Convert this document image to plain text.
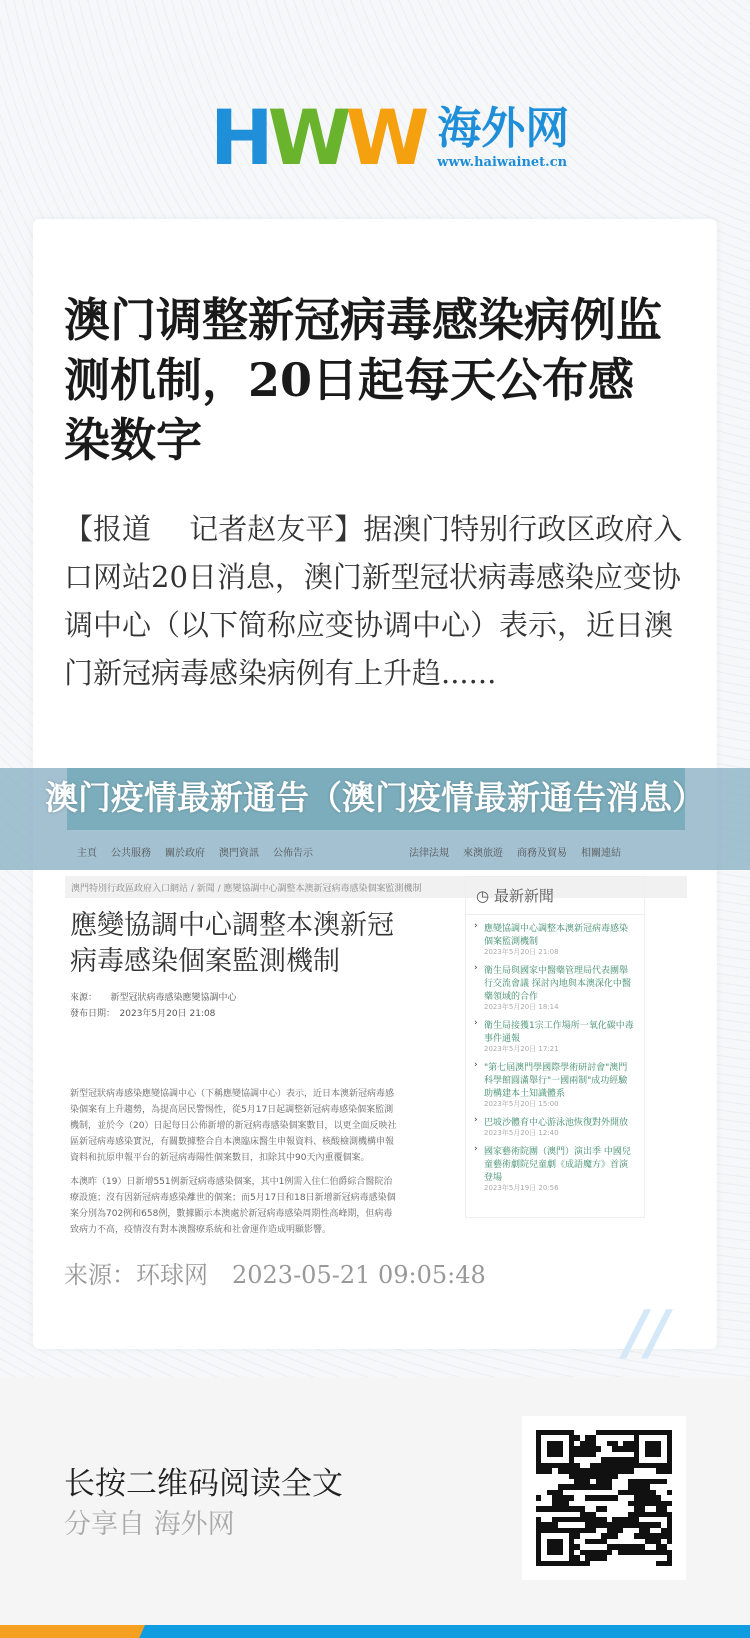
HWW 海外网
www.haiwainet.cn
澳门调整新冠病毒感染病例监测机制，20日起每天公布感染数字
【报道　 记者赵友平】据澳门特别行政区政府入口网站20日消息，澳门新型冠状病毒感染应变协调中心（以下简称应变协调中心）表示，近日澳门新冠病毒感染病例有上升趋......
主頁 公共服務 關於政府 澳門資訊 公佈告示	法律法規 來澳旅遊 商務及貿易 相關連結
澳門特別行政區政府入口網站 / 新聞 / 應變協調中心調整本澳新冠病毒感染個案監測機制
應變協調中心調整本澳新冠病毒感染個案監測機制
來源：　　 新型冠狀病毒感染應變協調中心
發布日期：　 2023年5月20日 21:08

新型冠狀病毒感染應變協調中心（下稱應變協調中心）表示，近日本澳新冠病毒感染個案有上升趨勢，為提高居民警惕性，從5月17日起調整新冠病毒感染個案監測機制，並於今（20）日起每日公佈新增的新冠病毒感染個案數目，以更全面反映社區新冠病毒感染實況，有關數據整合自本澳臨床醫生申報資料、核酸檢測機構申報資料和抗原申報平台的新冠病毒陽性個案數目，扣除其中90天內重覆個案。

本澳昨（19）日新增551例新冠病毒感染個案，其中1例需入住仁伯爵綜合醫院治療設施；沒有因新冠病毒感染離世的個案；而5月17日和18日新增新冠病毒感染個案分別為702例和658例，數據顯示本澳處於新冠病毒感染周期性高峰期，但病毒致病力不高，疫情沒有對本澳醫療系統和社會運作造成明顯影響。

◷ 最新新聞
› 應變協調中心調整本澳新冠病毒感染個案監測機制
2023年5月20日 21:08
› 衛生局與國家中醫藥管理局代表團舉行交流會議 探討內地與本澳深化中醫藥領域的合作
2023年5月20日 18:14
› 衛生局接獲1宗工作場所一氧化碳中毒事件通報
2023年5月20日 17:21
› "第七屆澳門學國際學術研討會"澳門科學館圓滿舉行"一國兩制"成功經驗助構建本土知識體系
2023年5月20日 15:00
› 巴坡沙體育中心游泳池恢復對外開放
2023年5月20日 12:40
› 國家藝術院團（澳門）演出季 中國兒童藝術劇院兒童劇《成語魔方》首演登場
2023年5月19日 20:56
澳门疫情最新通告（澳门疫情最新通告消息）
来源：环球网　2023-05-21 09:05:48
//
长按二维码阅读全文
分享自 海外网
